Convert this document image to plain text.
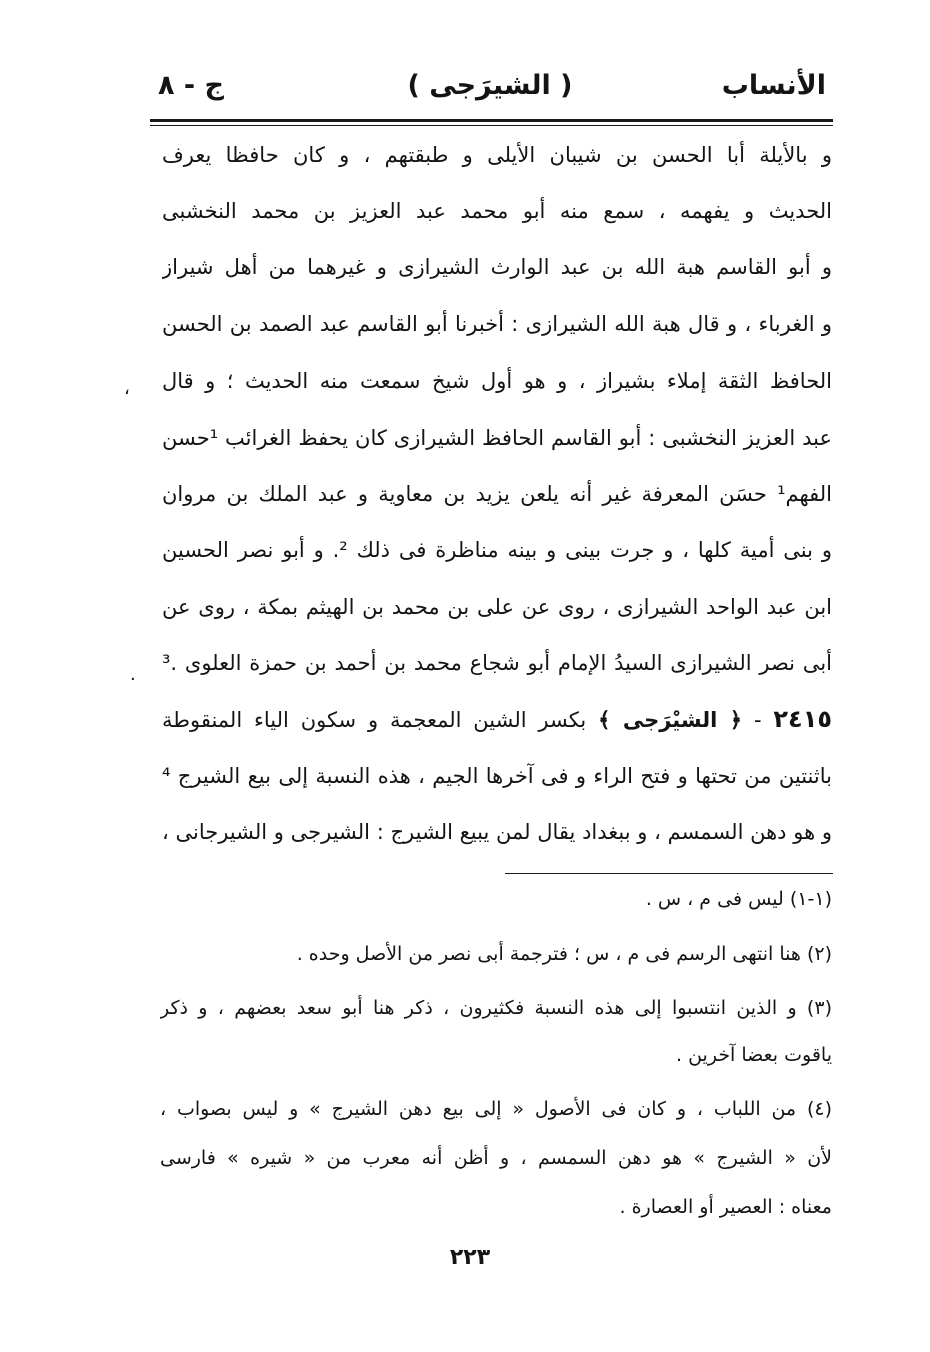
الأنساب
( الشيرَجى )
ج - ٨
و بالأيلة أبا الحسن بن شيبان الأيلى و طبقتهم ، و كان حافظا يعرف
الحديث و يفهمه ، سمع منه أبو محمد عبد العزيز بن محمد النخشبى
و أبو القاسم هبة الله بن عبد الوارث الشيرازى و غيرهما من أهل شيراز
و الغرباء ، و قال هبة الله الشيرازى : أخبرنا أبو القاسم عبد الصمد بن الحسن
الحافظ الثقة إملاء بشيراز ، و هو أول شيخ سمعت منه الحديث ؛ و قال
عبد العزيز النخشبى : أبو القاسم الحافظ الشيرازى كان يحفظ الغرائب ¹حسن
الفهم¹ حسَن المعرفة غير أنه يلعن يزيد بن معاوية و عبد الملك بن مروان
و بنى أمية كلها ، و جرت بينى و بينه مناظرة فى ذلك ². و أبو نصر الحسين
ابن عبد الواحد الشيرازى ، روى عن على بن محمد بن الهيثم بمكة ، روى عن
أبى نصر الشيرازى السيدُ الإمام أبو شجاع محمد بن أحمد بن حمزة العلوى .³
٢٤١٥ - ﴿ الشيْرَجى ﴾ بكسر الشين المعجمة و سكون الياء المنقوطة
باثنتين من تحتها و فتح الراء و فى آخرها الجيم ، هذه النسبة إلى بيع الشيرج ⁴
و هو دهن السمسم ، و ببغداد يقال لمن يبيع الشيرج : الشيرجى و الشيرجانى ،
(١-١) ليس فى م ، س .
(٢) هنا انتهى الرسم فى م ، س ؛ فترجمة أبى نصر من الأصل وحده .
(٣) و الذين انتسبوا إلى هذه النسبة فكثيرون ، ذكر هنا أبو سعد بعضهم ، و ذكر
ياقوت بعضا آخرين .
(٤) من اللباب ، و كان فى الأصول « إلى بيع دهن الشيرج » و ليس بصواب ،
لأن « الشيرج » هو دهن السمسم ، و أظن أنه معرب من « شيره » فارسى
معناه : العصير أو العصارة .
٢٢٣
،
.
